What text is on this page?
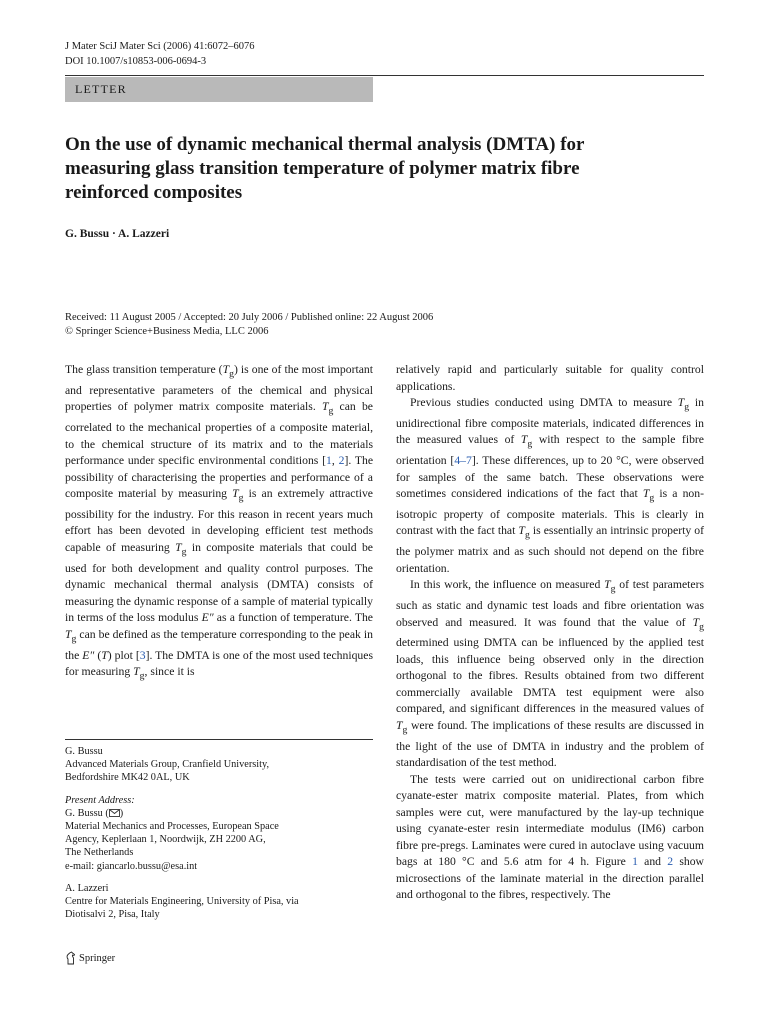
J Mater SciJ Mater Sci (2006) 41:6072–6076
DOI 10.1007/s10853-006-0694-3
LETTER
On the use of dynamic mechanical thermal analysis (DMTA) for measuring glass transition temperature of polymer matrix fibre reinforced composites
G. Bussu · A. Lazzeri
Received: 11 August 2005 / Accepted: 20 July 2006 / Published online: 22 August 2006
© Springer Science+Business Media, LLC 2006

The glass transition temperature $(T_g)$ is one of the most important and representative parameters of the chemical and physical properties of polymer matrix composite materials. $T_g$ can be correlated to the mechanical properties of a composite material, to the chemical structure of its matrix and to the materials performance under specific environmental conditions [1, 2]. The possibility of characterising the properties and performance of a composite material by measuring $T_g$ is an extremely attractive possibility for the industry. For this reason in recent years much effort has been devoted in developing efficient test methods capable of measuring $T_g$ in composite materials that could be used for both development and quality control purposes. The dynamic mechanical thermal analysis (DMTA) consists of measuring the dynamic response of a sample of material typically in terms of the loss modulus E″ as a function of temperature. The $T_g$ can be defined as the temperature corresponding to the peak in the E″ (T) plot [3]. The DMTA is one of the most used techniques for measuring $T_g$, since it is

relatively rapid and particularly suitable for quality control applications.

Previous studies conducted using DMTA to measure $T_g$ in unidirectional fibre composite materials, indicated differences in the measured values of $T_g$ with respect to the sample fibre orientation [4–7]. These differences, up to 20 °C, were observed for samples of the same batch. These observations were sometimes considered indications of the fact that $T_g$ is a non-isotropic property of composite materials. This is clearly in contrast with the fact that $T_g$ is essentially an intrinsic property of the polymer matrix and as such should not depend on the fibre orientation.

In this work, the influence on measured $T_g$ of test parameters such as static and dynamic test loads and fibre orientation was observed and measured. It was found that the value of $T_g$ determined using DMTA can be influenced by the applied test loads, this influence being observed only in the direction orthogonal to the fibres. Results obtained from two different commercially available DMTA test equipment were also compared, and significant differences in the measured values of $T_g$ were found. The implications of these results are discussed in the light of the use of DMTA in industry and the problem of standardisation of the test method.

The tests were carried out on unidirectional carbon fibre cyanate-ester matrix composite material. Plates, from which samples were cut, were manufactured by the lay-up technique using cyanate-ester resin intermediate modulus (IM6) carbon fibre pre-pregs. Laminates were cured in autoclave using vacuum bags at 180 °C and 5.6 atm for 4 h. Figure 1 and 2 show microsections of the laminate material in the direction parallel and orthogonal to the fibres, respectively. The

G. Bussu

Advanced Materials Group, Cranfield University,

Bedfordshire MK42 0AL, UK

Present Address:

G. Bussu ( )

Material Mechanics and Processes, European Space

Agency, Keplerlaan 1, Noordwijk, ZH 2200 AG,

The Netherlands

e-mail: giancarlo.bussu@esa.int

A. Lazzeri

Centre for Materials Engineering, University of Pisa, via

Diotisalvi 2, Pisa, Italy

Springer
